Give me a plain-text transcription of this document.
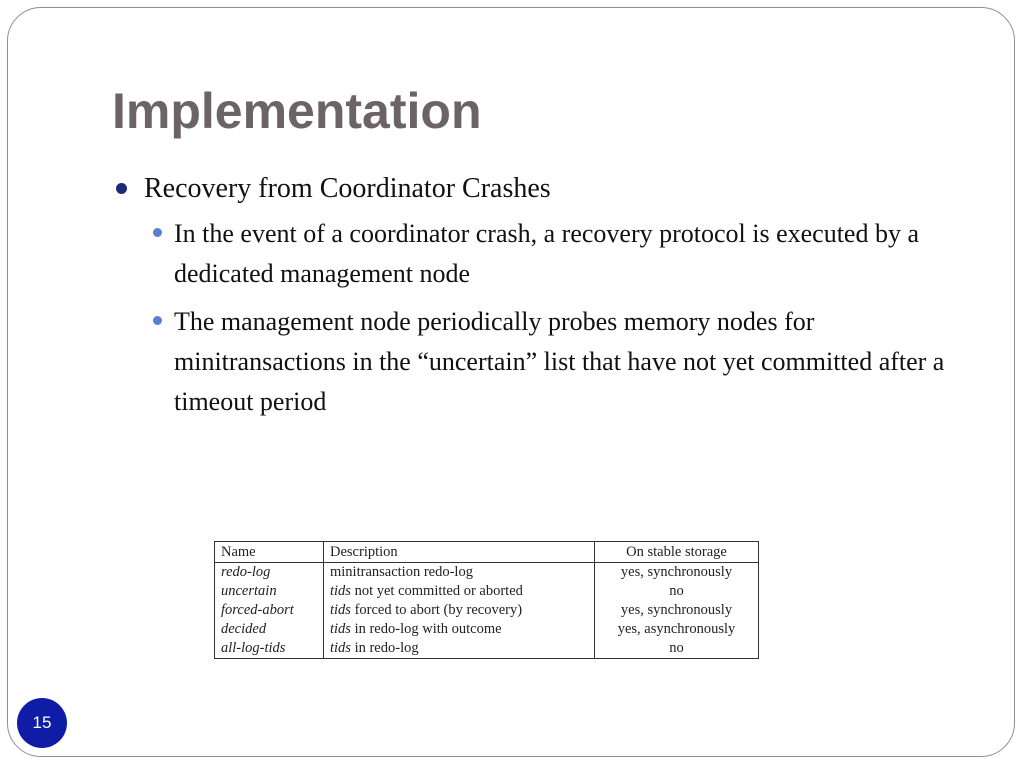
Implementation
Recovery from Coordinator Crashes
In the event of a coordinator crash, a recovery protocol is executed by a dedicated management node
The management node periodically probes memory nodes for minitransactions in the “uncertain” list that have not yet committed after a timeout period
Name	Description	On stable storage
redo-log	minitransaction redo-log	yes, synchronously
uncertain	tids not yet committed or aborted	no
forced-abort	tids forced to abort (by recovery)	yes, synchronously
decided	tids in redo-log with outcome	yes, asynchronously
all-log-tids	tids in redo-log	no
15
